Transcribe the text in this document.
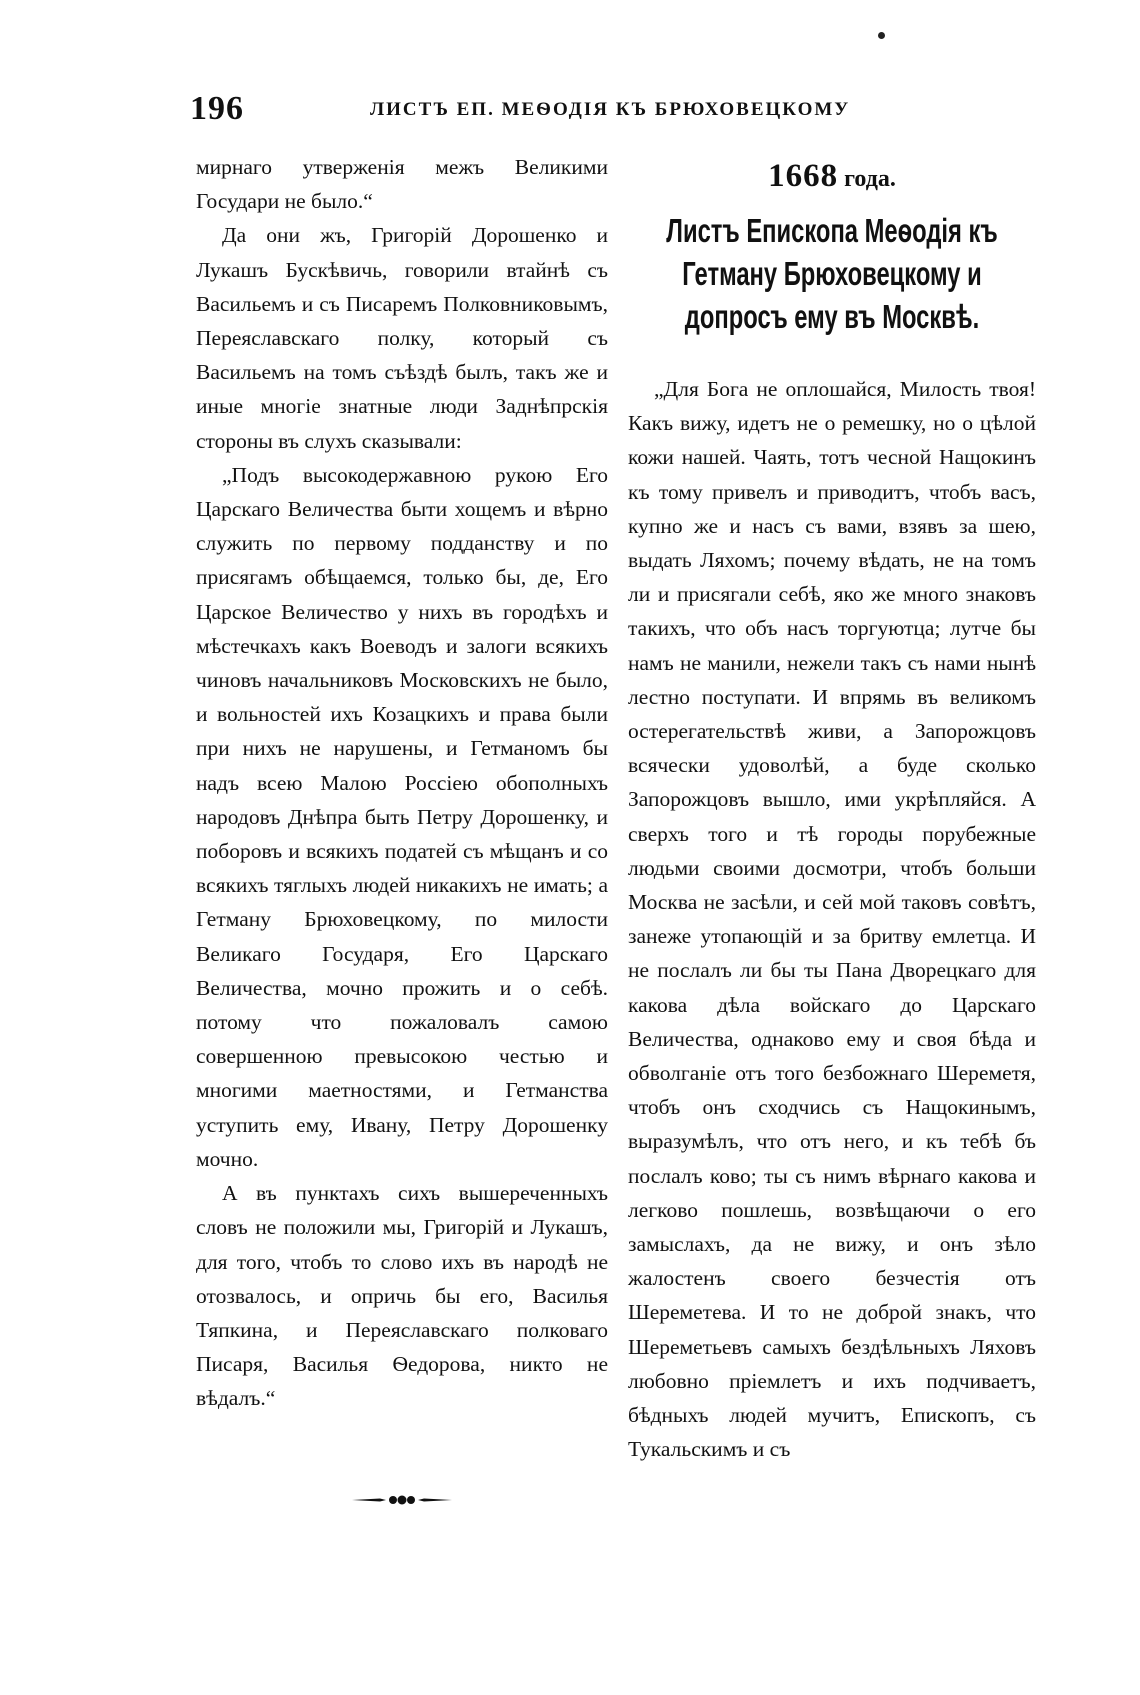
196	ЛИСТЪ ЕП. МЕѲОДІЯ КЪ БРЮХОВЕЦКОМУ

мирнаго утверженія межъ Великими Государи не было.“

Да они жъ, Григорій Дорошенко и Лукашъ Бускѣвичь, говорили втайнѣ съ Васильемъ и съ Писаремъ Полковниковымъ, Переяславскаго полку, который съ Васильемъ на томъ съѣздѣ былъ, такъ же и иные многіе знатные люди Заднѣпрскія стороны въ слухъ сказывали:

„Подъ высокодержавною рукою Его Царскаго Величества быти хощемъ и вѣрно служить по первому подданству и по присягамъ обѣщаемся, только бы, де, Его Царское Величество у нихъ въ городѣхъ и мѣстечкахъ какъ Воеводъ и залоги всякихъ чиновъ начальниковъ Московскихъ не было, и вольностей ихъ Козацкихъ и права были при нихъ не нарушены, и Гетманомъ бы надъ всею Малою Россіею обополныхъ народовъ Днѣпра быть Петру Дорошенку, и поборовъ и всякихъ податей съ мѣщанъ и со всякихъ тяглыхъ людей никакихъ не имать; а Гетману Брюховецкому, по милости Великаго Государя, Его Царскаго Величества, мочно прожить и о себѣ. потому что пожаловалъ самою совершенною превысокою честью и многими маетностями, и Гетманства уступить ему, Ивану, Петру Дорошенку мочно.

А въ пунктахъ сихъ вышереченныхъ словъ не положили мы, Григорій и Лукашъ, для того, чтобъ то слово ихъ въ народѣ не отозвалось, и опричь бы его, Василья Тяпкина, и Переяславскаго полковаго Писаря, Василья Ѳедорова, никто не вѣдалъ.“

1668 года.
Листъ Епископа Меѳодія къ Гетману Брюховецкому и допросъ ему въ Москвѣ.

„Для Бога не оплошайся, Милость твоя! Какъ вижу, идетъ не о ремешку, но о цѣлой кожи нашей. Чаять, тотъ чесной Нащокинъ къ тому привелъ и приводитъ, чтобъ васъ, купно же и насъ съ вами, взявъ за шею, выдать Ляхомъ; почему вѣдать, не на томъ ли и присягали себѣ, яко же много знаковъ такихъ, что объ насъ торгуютца; лутче бы намъ не манили, нежели такъ съ нами нынѣ лестно поступати. И впрямь въ великомъ остерегательствѣ живи, а Запорожцовъ всячески удоволѣй, а буде сколько Запорожцовъ вышло, ими укрѣпляйся. А сверхъ того и тѣ городы порубежные людьми своими досмотри, чтобъ больши Москва не засѣли, и сей мой таковъ совѣтъ, занеже утопающій и за бритву емлетца. И не послалъ ли бы ты Пана Дворецкаго для какова дѣла войскаго до Царскаго Величества, однаково ему и своя бѣда и обволганіе отъ того безбожнаго Шереметя, чтобъ онъ сходчись съ Нащокинымъ, выразумѣлъ, что отъ него, и къ тебѣ бъ послалъ ково; ты съ нимъ вѣрнаго какова и легково пошлешь, возвѣщаючи о его замыслахъ, да не вижу, и онъ зѣло жалостенъ своего безчестія отъ Шереметева. И то не доброй знакъ, что Шереметьевъ самыхъ бездѣльныхъ Ляховъ любовно пріемлетъ и ихъ подчиваетъ, бѣдныхъ людей мучитъ, Епископъ, съ Тукальскимъ и съ
